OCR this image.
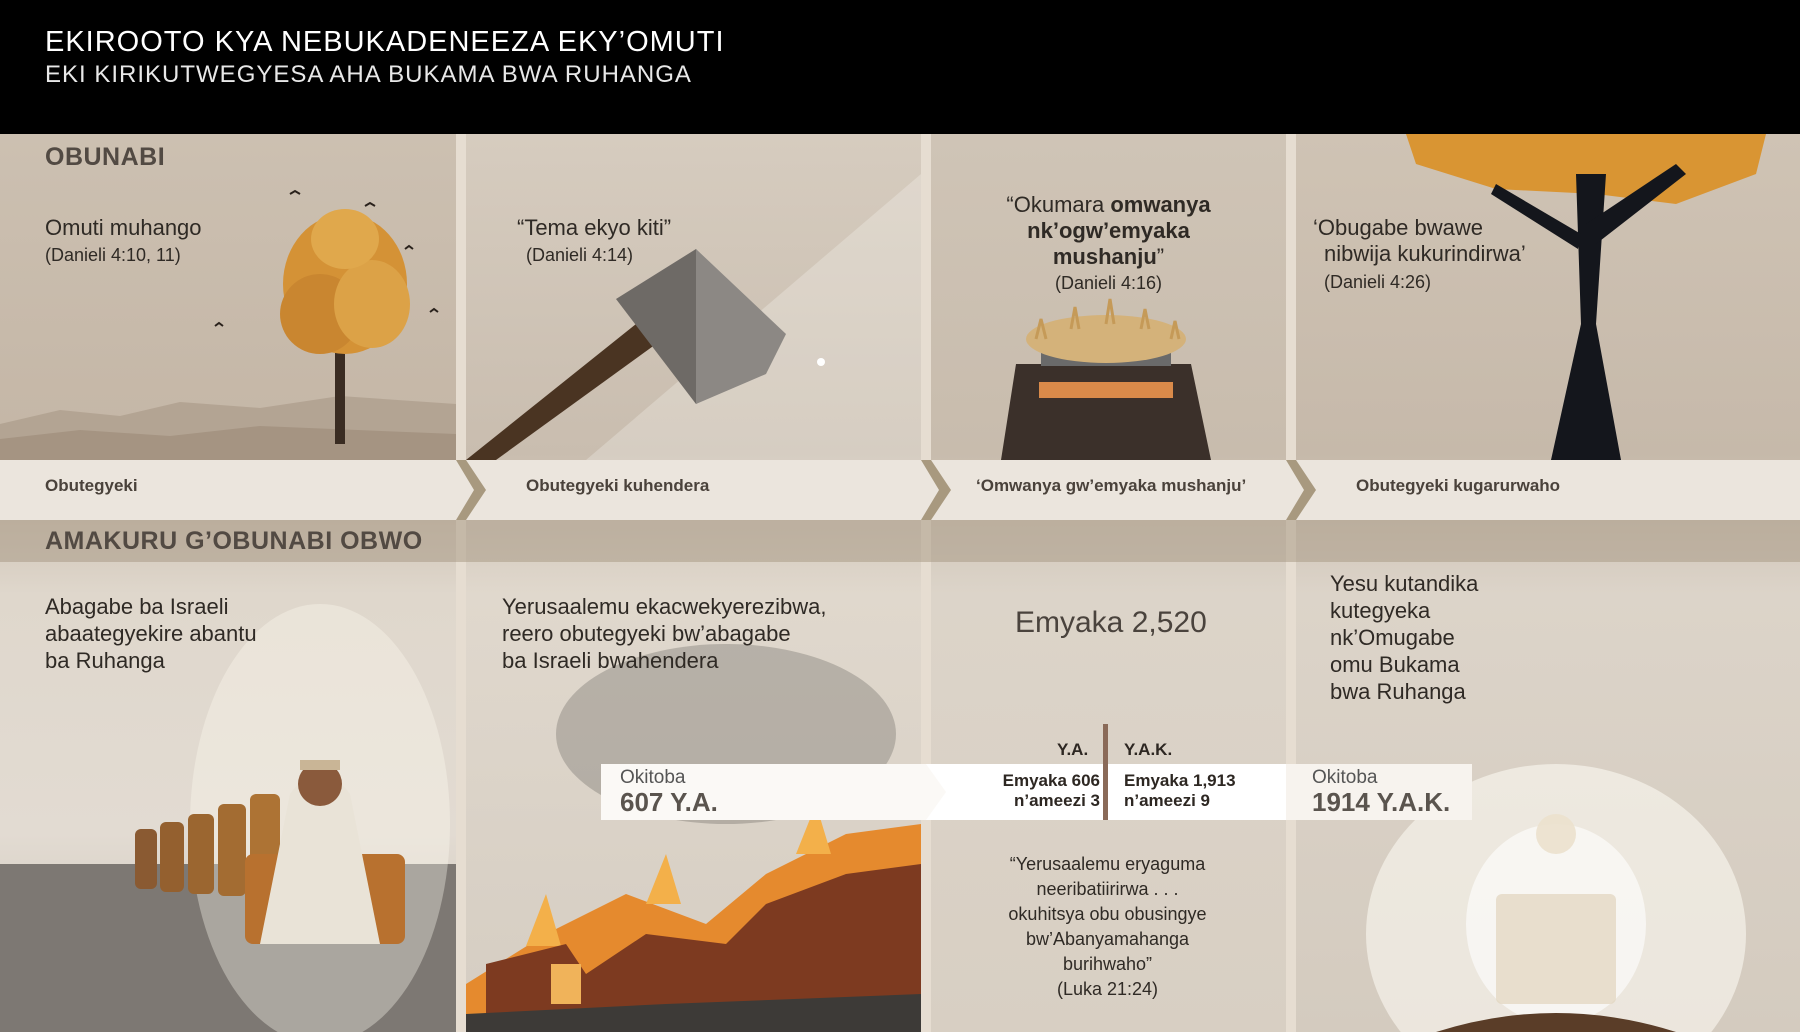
EKIROOTO KYA NEBUKADENEEZA EKY’OMUTI
EKI KIRIKUTWEGYESA AHA BUKAMA BWA RUHANGA
OBUNABI
Omuti muhango
(Danieli 4:10, 11)
“Tema ekyo kiti”
(Danieli 4:14)
“Okumara omwanya
nk’ogw’emyaka
mushanju”
(Danieli 4:16)
‘Obugabe bwawe
nibwija kukurindirwa’
(Danieli 4:26)
Obutegyeki	Obutegyeki kuhendera	‘Omwanya gw’emyaka mushanju’	Obutegyeki kugarurwaho
AMAKURU G’OBUNABI OBWO
Abagabe ba Israeli
abaategyekire abantu
ba Ruhanga
Yerusaalemu ekacwekyerezibwa,
reero obutegyeki bw’abagabe
ba Israeli bwahendera
Yesu kutandika
kutegyeka
nk’Omugabe
omu Bukama
bwa Ruhanga
Emyaka 2,520
Okitoba
607 Y.A.
Emyaka 606
n’ameezi 3
Emyaka 1,913
n’ameezi 9
Okitoba
1914 Y.A.K.
Y.A. Y.A.K.
“Yerusaalemu eryaguma
neeribatiirirwa . . .
okuhitsya obu obusingye
bw’Abanyamahanga
burihwaho”
(Luka 21:24)
